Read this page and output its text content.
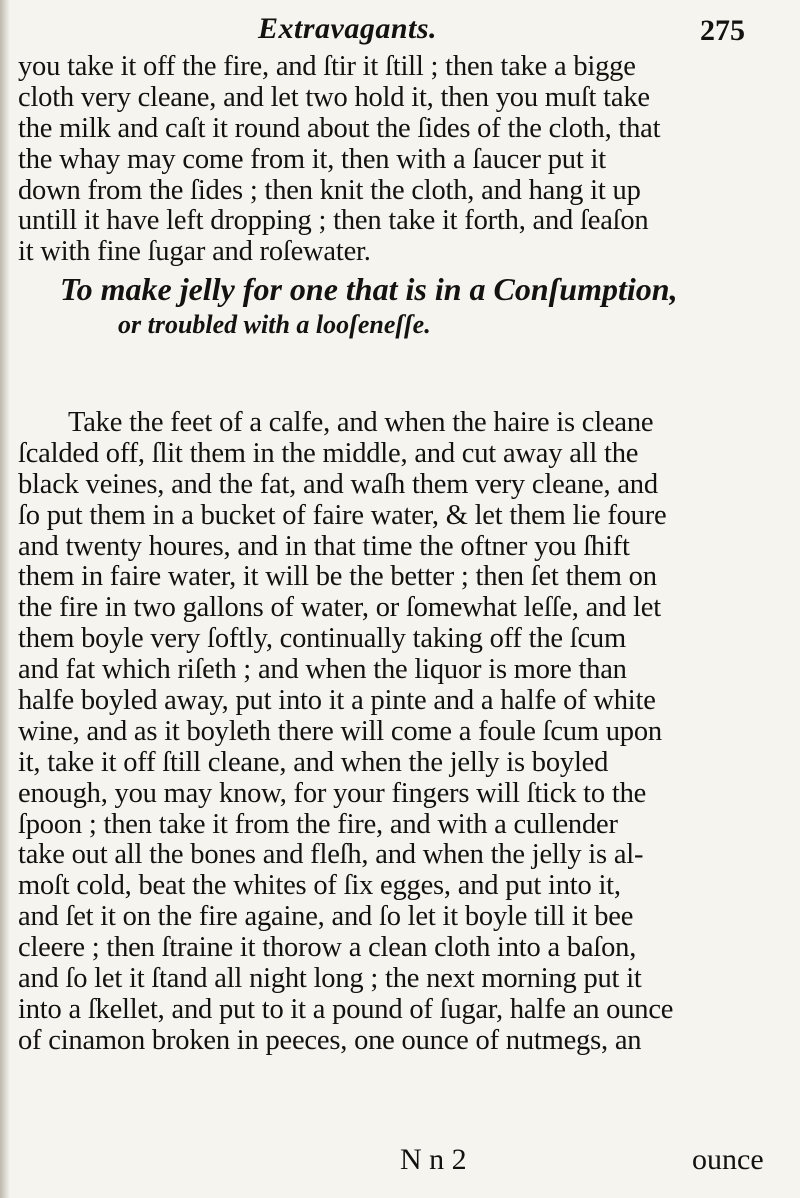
Extravagants.	275
you take it off the fire, and ſtir it ſtill ; then take a bigge
cloth very cleane, and let two hold it, then you muſt take
the milk and caſt it round about the ſides of the cloth, that
the whay may come from it, then with a ſaucer put it
down from the ſides ; then knit the cloth, and hang it up
untill it have left dropping ; then take it forth, and ſeaſon
it with fine ſugar and roſewater.
To make jelly for one that is in a Conſumption,
or troubled with a looſeneſſe.
Take the feet of a calfe, and when the haire is cleane
ſcalded off, ſlit them in the middle, and cut away all the
black veines, and the fat, and waſh them very cleane, and
ſo put them in a bucket of faire water, & let them lie foure
and twenty houres, and in that time the oftner you ſhift
them in faire water, it will be the better ; then ſet them on
the fire in two gallons of water, or ſomewhat leſſe, and let
them boyle very ſoftly, continually taking off the ſcum
and fat which riſeth ; and when the liquor is more than
halfe boyled away, put into it a pinte and a halfe of white
wine, and as it boyleth there will come a foule ſcum upon
it, take it off ſtill cleane, and when the jelly is boyled
enough, you may know, for your fingers will ſtick to the
ſpoon ; then take it from the fire, and with a cullender
take out all the bones and fleſh, and when the jelly is al-
moſt cold, beat the whites of ſix egges, and put into it,
and ſet it on the fire againe, and ſo let it boyle till it bee
cleere ; then ſtraine it thorow a clean cloth into a baſon,
and ſo let it ſtand all night long ; the next morning put it
into a ſkellet, and put to it a pound of ſugar, halfe an ounce
of cinamon broken in peeces, one ounce of nutmegs, an
N n 2	ounce
